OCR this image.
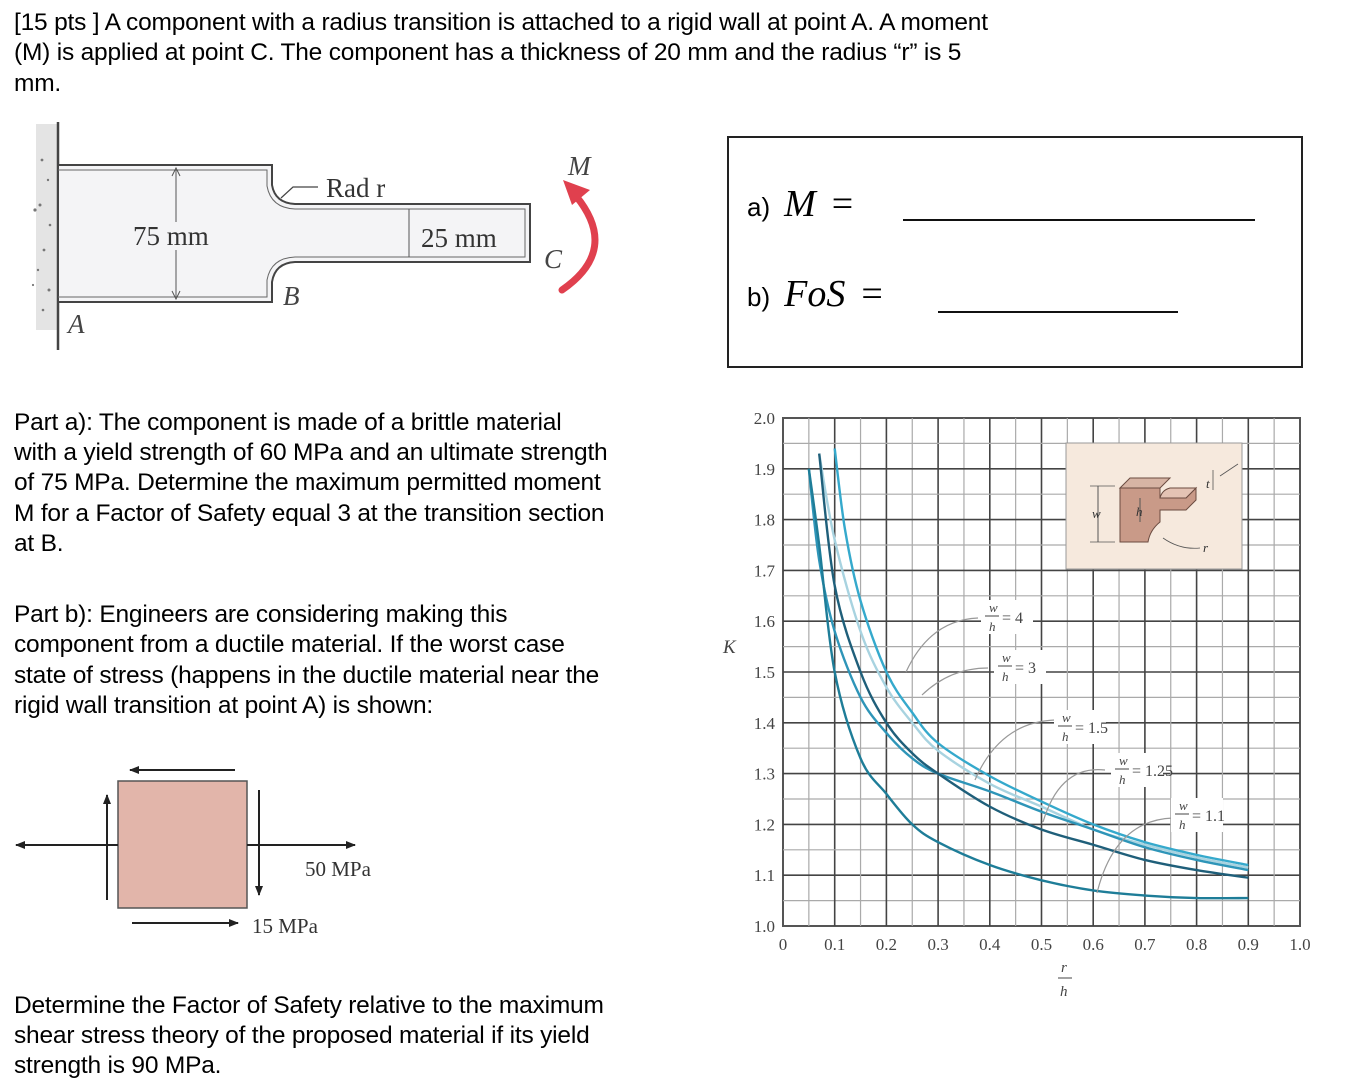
[15 pts ] A component with a radius transition is attached to a rigid wall at point A. A moment

(M) is applied at point C. The component has a thickness of 20 mm and the radius “r” is 5

mm.

75 mm	25 mm
Rad r
A
B
C
M
a) M =
b) FoS =

Part a): The component is made of a brittle material

with a yield strength of 60 MPa and an ultimate strength

of 75 MPa. Determine the maximum permitted moment

M for a Factor of Safety equal 3 at the transition section

at B.

Part b): Engineers are considering making this

component from a ductile material. If the worst case

state of stress (happens in the ductile material near the

rigid wall transition at point A) is shown:

50 MPa
15 MPa

Determine the Factor of Safety relative to the maximum

shear stress theory of the proposed material if its yield

strength is 90 MPa.

0 0.1 0.2 0.3 0.4 0.5 0.6 0.7 0.8 0.9 1.0
1.0
1.1
1.2
1.3
1.4
1.5
1.6
1.7
1.8
1.9
2.0
w	h
t
r
w
h = 4
w
h = 3
w
h = 1.5
w
h = 1.25
w
h = 1.1
K
r
h
